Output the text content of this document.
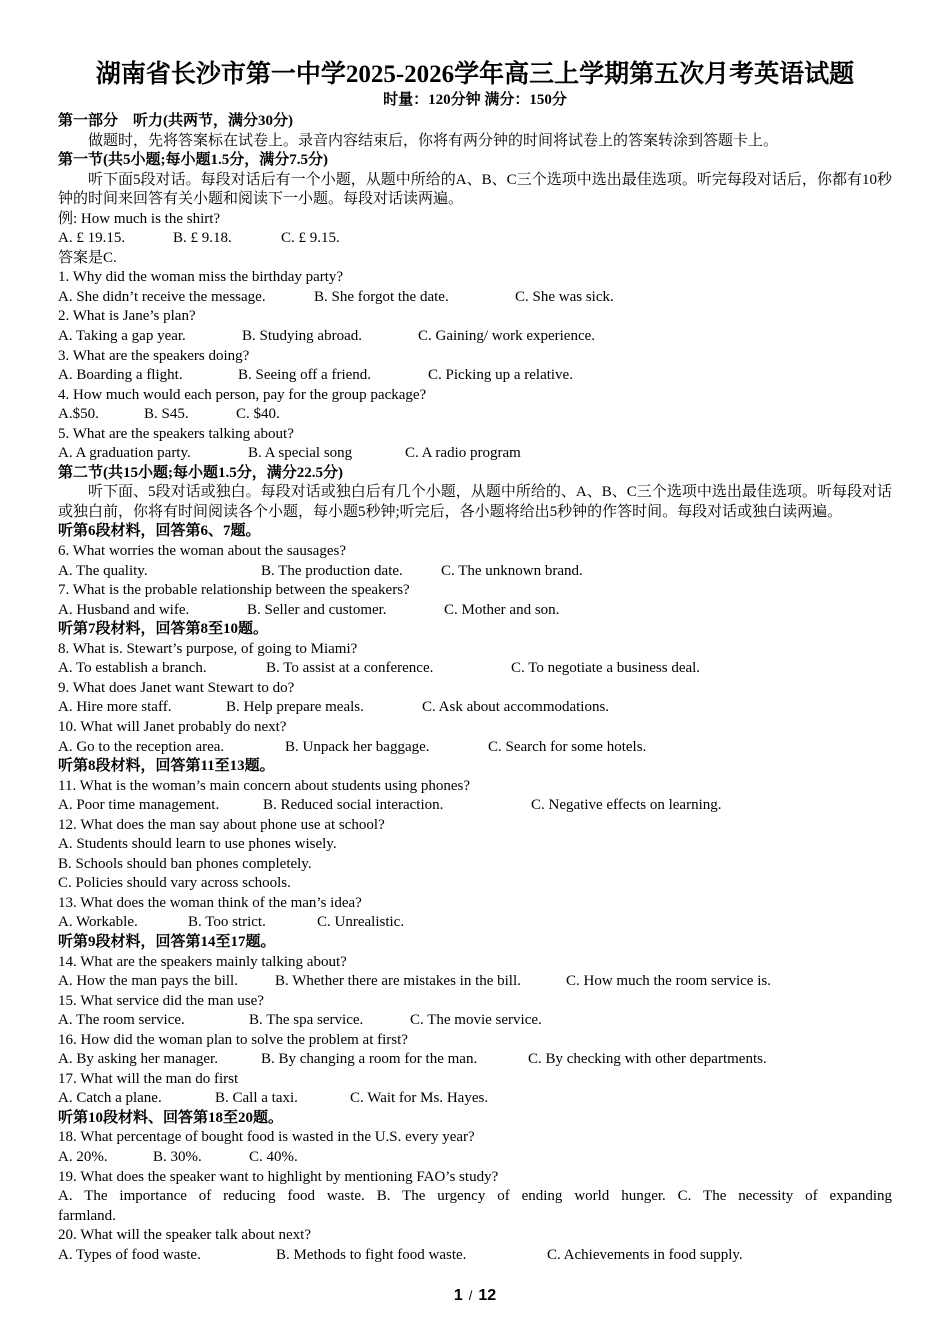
湖南省长沙市第一中学2025-2026学年高三上学期第五次月考英语试题
时量：120分钟 满分：150分
第一部分　听力(共两节，满分30分)
做题时，先将答案标在试卷上。录音内容结束后，你将有两分钟的时间将试卷上的答案转涂到答题卡上。
第一节(共5小题;每小题1.5分，满分7.5分)
听下面5段对话。每段对话后有一个小题，从题中所给的A、B、C三个选项中选出最佳选项。听完每段对话后，你都有10秒钟的时间来回答有关小题和阅读下一小题。每段对话读两遍。
例: How much is the shirt?
A. £ 19.15.	B. £ 9.18.	C. £ 9.15.
答案是C.
1. Why did the woman miss the birthday party?
A. She didn’t receive the message.	B. She forgot the date.	C. She was sick.
2. What is Jane’s plan?
A. Taking a gap year.	B. Studying abroad.	C. Gaining/ work experience.
3. What are the speakers doing?
A. Boarding a flight.	B. Seeing off a friend.	C. Picking up a relative.
4. How much would each person, pay for the group package?
A.$50.	B. S45.	C. $40.
5. What are the speakers talking about?
A. A graduation party.	B. A special song	C. A radio program
第二节(共15小题;每小题1.5分，满分22.5分)
听下面、5段对话或独白。每段对话或独白后有几个小题，从题中所给的、A、B、C三个选项中选出最佳选项。听每段对话或独白前，你将有时间阅读各个小题，每小题5秒钟;听完后，各小题将给出5秒钟的作答时间。每段对话或独白读两遍。
听第6段材料，回答第6、7题。
6. What worries the woman about the sausages?
A. The quality.	B. The production date.	C. The unknown brand.
7. What is the probable relationship between the speakers?
A. Husband and wife.	B. Seller and customer.	C. Mother and son.
听第7段材料，回答第8至10题。
8. What is. Stewart’s purpose, of going to Miami?
A. To establish a branch.	B. To assist at a conference.	C. To negotiate a business deal.
9. What does Janet want Stewart to do?
A. Hire more staff.	B. Help prepare meals.	C. Ask about accommodations.
10. What will Janet probably do next?
A. Go to the reception area.	B. Unpack her baggage.	C. Search for some hotels.
听第8段材料，回答第11至13题。
11. What is the woman’s main concern about students using phones?
A. Poor time management.	B. Reduced social interaction.	C. Negative effects on learning.
12. What does the man say about phone use at school?
A. Students should learn to use phones wisely.
B. Schools should ban phones completely.
C. Policies should vary across schools.
13. What does the woman think of the man’s idea?
A. Workable.	B. Too strict.	C. Unrealistic.
听第9段材料，回答第14至17题。
14. What are the speakers mainly talking about?
A. How the man pays the bill. B. Whether there are mistakes in the bill.	C. How much the room service is.
15. What service did the man use?
A. The room service.	B. The spa service.	C. The movie service.
16. How did the woman plan to solve the problem at first?
A. By asking her manager.	B. By changing a room for the man.	C. By checking with other departments.
17. What will the man do first
A. Catch a plane.	B. Call a taxi.	C. Wait for Ms. Hayes.
听第10段材料、回答第18至20题。
18. What percentage of bought food is wasted in the U.S. every year?
A. 20%.	B. 30%.	C. 40%.
19. What does the speaker want to highlight by mentioning FAO’s study?
A. The importance of reducing food waste. B. The urgency of ending world hunger. C. The necessity of expanding
farmland.
20. What will the speaker talk about next?
A. Types of food waste.	B. Methods to fight food waste.	C. Achievements in food supply.
1 / 12
